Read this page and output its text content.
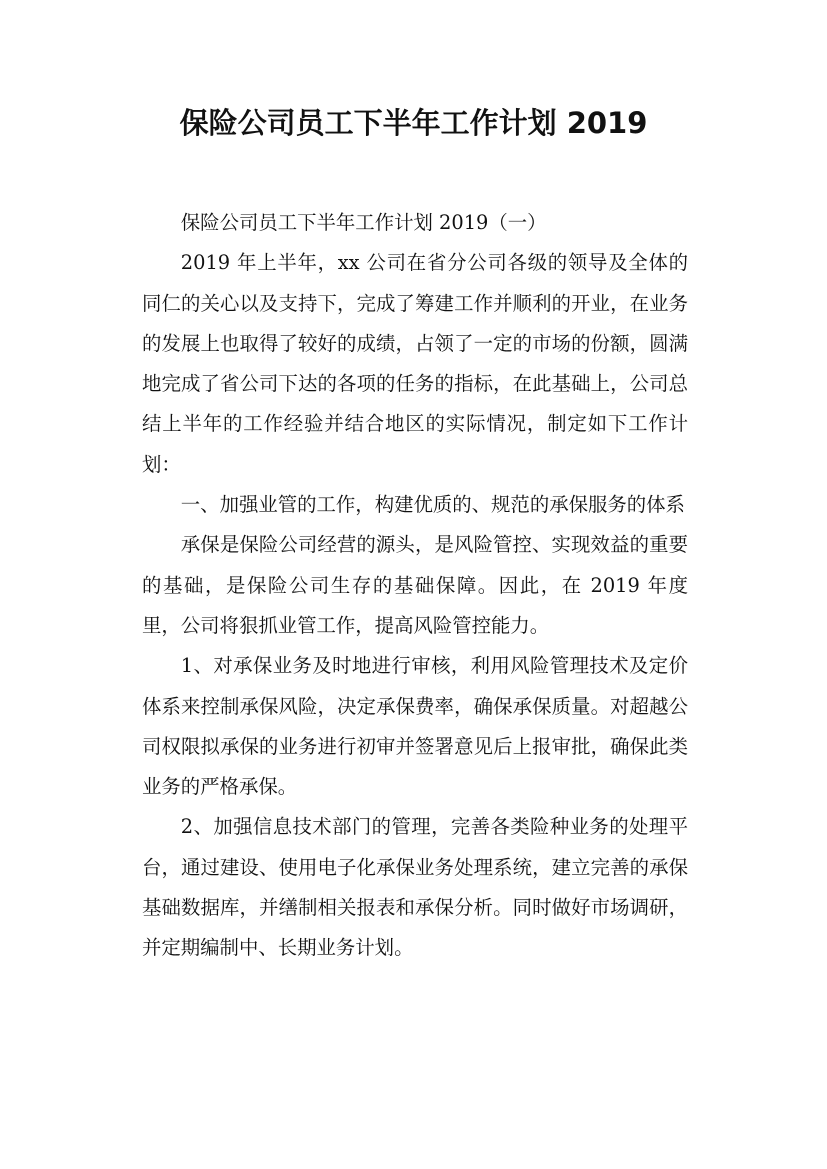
保险公司员工下半年工作计划 2019

保险公司员工下半年工作计划 2019（一）

2019 年上半年，xx 公司在省分公司各级的领导及全体的同仁的关心以及支持下，完成了筹建工作并顺利的开业，在业务的发展上也取得了较好的成绩，占领了一定的市场的份额，圆满地完成了省公司下达的各项的任务的指标，在此基础上，公司总结上半年的工作经验并结合地区的实际情况，制定如下工作计划：

一、加强业管的工作，构建优质的、规范的承保服务的体系

承保是保险公司经营的源头，是风险管控、实现效益的重要的基础，是保险公司生存的基础保障。因此，在 2019 年度里，公司将狠抓业管工作，提高风险管控能力。

1、对承保业务及时地进行审核，利用风险管理技术及定价体系来控制承保风险，决定承保费率，确保承保质量。对超越公司权限拟承保的业务进行初审并签署意见后上报审批，确保此类业务的严格承保。

2、加强信息技术部门的管理，完善各类险种业务的处理平台，通过建设、使用电子化承保业务处理系统，建立完善的承保基础数据库，并缮制相关报表和承保分析。同时做好市场调研，并定期编制中、长期业务计划。
